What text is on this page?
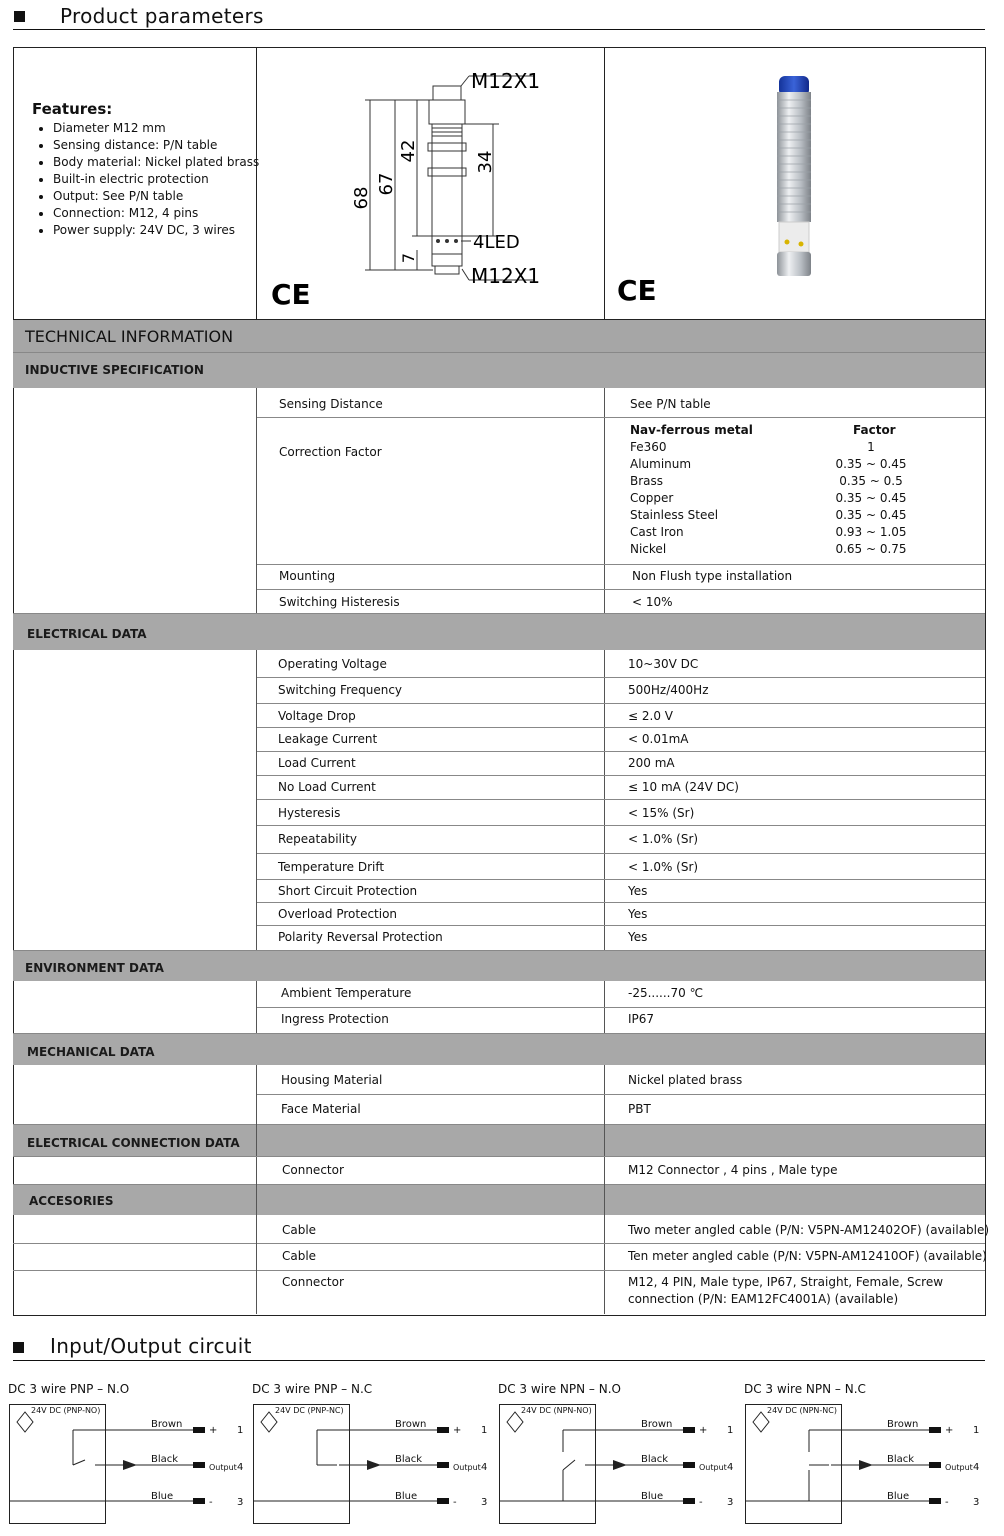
Product parameters
Features:
• Diameter M12 mm
• Sensing distance: P/N table
• Body material: Nickel plated brass
• Built-in electric protection
• Output: See P/N table
• Connection: M12, 4 pins
• Power supply: 24V DC, 3 wires
M12X1
M12X1
4LED
68
67
42	34
7
CE	CE
TECHNICAL INFORMATION
INDUCTIVE SPECIFICATION
Sensing Distance	See P/N table
Correction Factor
Nav-ferrous metal	Factor
Fe360	1
Aluminum	0.35 ~ 0.45
Brass	0.35 ~ 0.5
Copper	0.35 ~ 0.45
Stainless Steel	0.35 ~ 0.45
Cast Iron	0.93 ~ 1.05
Nickel	0.65 ~ 0.75
Mounting	Non Flush type installation
Switching Histeresis	< 10%
ELECTRICAL DATA
Operating Voltage	10~30V DC
Switching Frequency	500Hz/400Hz
Voltage Drop	≤ 2.0 V
Leakage Current	< 0.01mA
Load Current	200 mA
No Load Current	≤ 10 mA (24V DC)
Hysteresis	< 15% (Sr)
Repeatability	< 1.0% (Sr)
Temperature Drift	< 1.0% (Sr)
Short Circuit Protection	Yes
Overload Protection	Yes
Polarity Reversal Protection	Yes
ENVIRONMENT DATA
Ambient Temperature	-25......70 ℃
Ingress Protection	IP67
MECHANICAL DATA
Housing Material	Nickel plated brass
Face Material	PBT
ELECTRICAL CONNECTION DATA
Connector	M12 Connector , 4 pins , Male type
ACCESORIES
Cable	Two meter angled cable (P/N: V5PN-AM12402OF) (available)
Cable	Ten meter angled cable (P/N: V5PN-AM12410OF) (available)
Connector	M12, 4 PIN, Male type, IP67, Straight, Female, Screw
connection (P/N: EAM12FC4001A) (available)
Input/Output circuit
DC 3 wire PNP – N.O
24V DC (PNP-NO)
Brown
Black
Blue
+
-
Output
1
4
3
DC 3 wire PNP – N.C
24V DC (PNP-NC)
Brown
Black
Blue
+
-
Output
1
4
3
DC 3 wire NPN – N.O
24V DC (NPN-NO)
Brown
Black
Blue
+
-
Output
1
4
3
DC 3 wire NPN – N.C
24V DC (NPN-NC)
Brown
Black
Blue
+
-
Output
1
4
3
